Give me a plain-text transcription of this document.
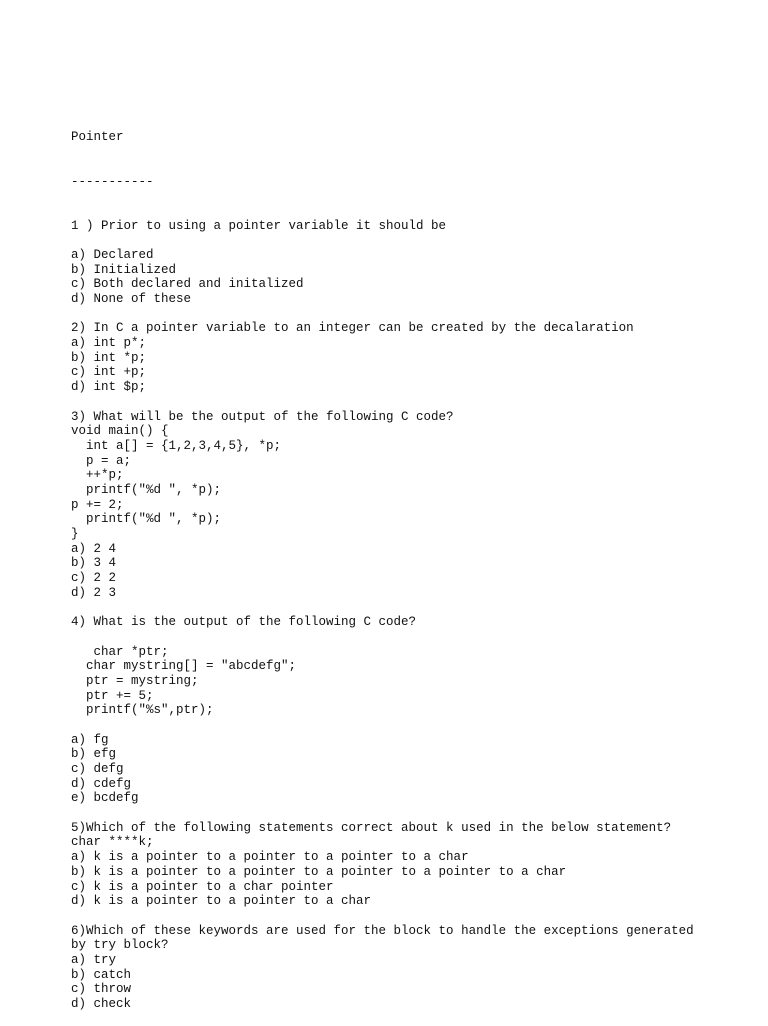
Pointer

-----------

1 ) Prior to using a pointer variable it should be
a) Declared
b) Initialized
c) Both declared and initalized
d) None of these
2) In C a pointer variable to an integer can be created by the decalaration
a) int p*;
b) int *p;
c) int +p;
d) int $p;
3) What will be the output of the following C code?
void main() {
int a[] = {1,2,3,4,5}, *p;
p = a;
++*p;
printf("%d ", *p);
p += 2;
printf("%d ", *p);
}
a) 2 4
b) 3 4
c) 2 2
d) 2 3
4) What is the output of the following C code?
char *ptr;
char mystring[] = "abcdefg";
ptr = mystring;
ptr += 5;
printf("%s",ptr);
a) fg
b) efg
c) defg
d) cdefg
e) bcdefg
5)Which of the following statements correct about k used in the below statement?
char ****k;
a) k is a pointer to a pointer to a pointer to a char
b) k is a pointer to a pointer to a pointer to a pointer to a char
c) k is a pointer to a char pointer
d) k is a pointer to a pointer to a char
6)Which of these keywords are used for the block to handle the exceptions generated
by try block?
a) try
b) catch
c) throw
d) check
